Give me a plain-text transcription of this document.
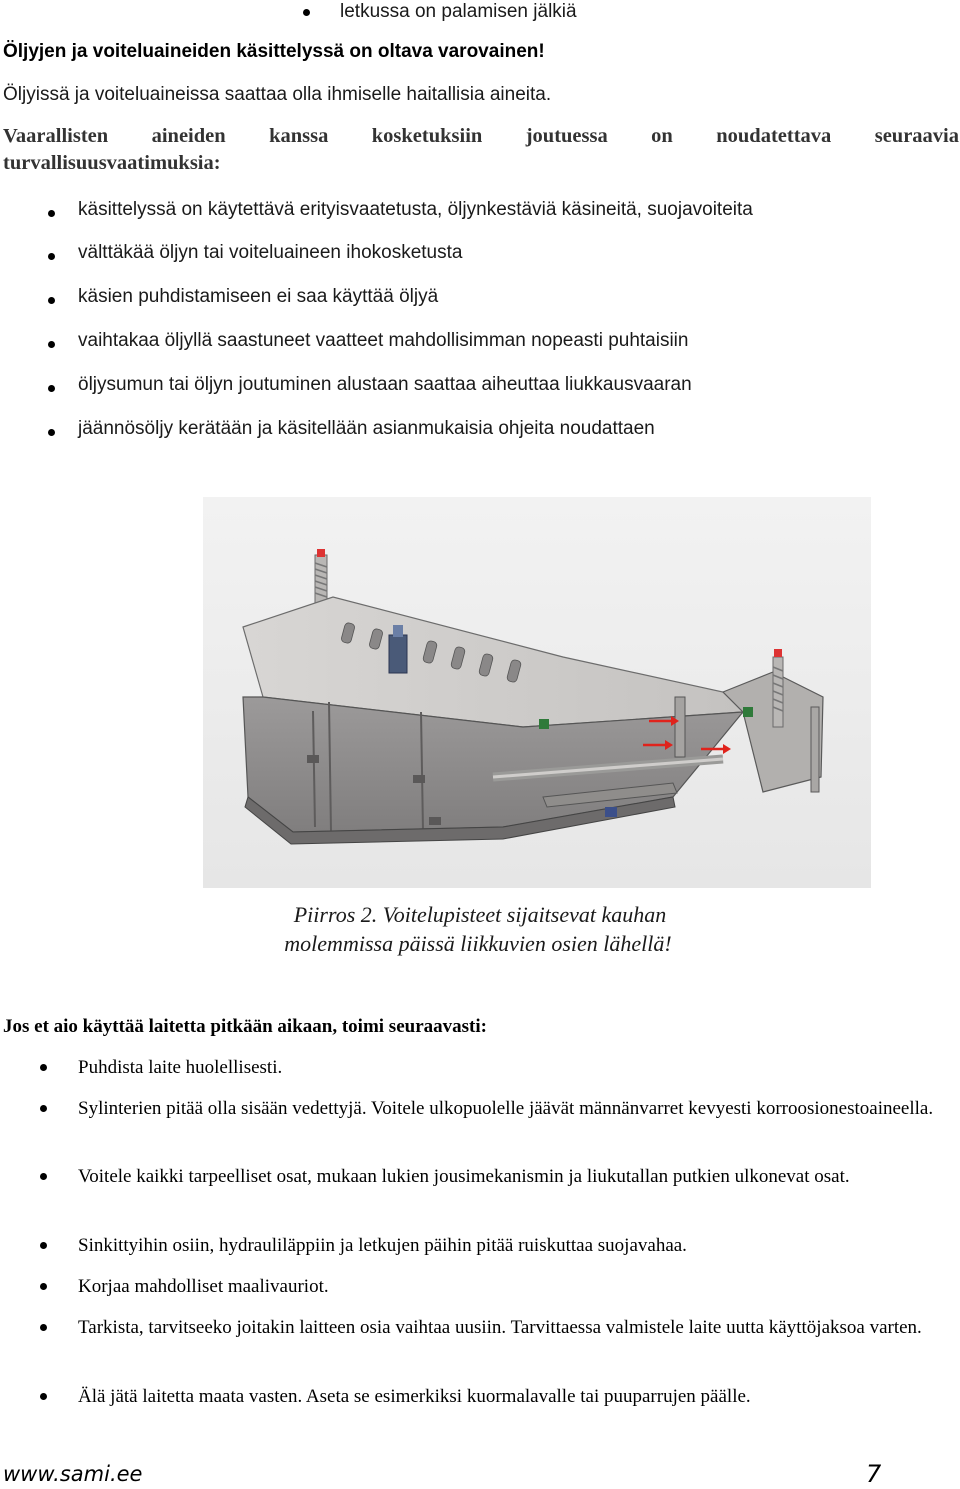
letkussa on palamisen jälkiä
Öljyjen ja voiteluaineiden käsittelyssä on oltava varovainen!
Öljyissä ja voiteluaineissa saattaa olla ihmiselle haitallisia aineita.
Vaarallisten aineiden kanssa kosketuksiin joutuessa on noudatettava seuraavia
turvallisuusvaatimuksia:
käsittelyssä on käytettävä erityisvaatetusta, öljynkestäviä käsineitä, suojavoiteita
välttäkää öljyn tai voiteluaineen ihokosketusta
käsien puhdistamiseen ei saa käyttää öljyä
vaihtakaa öljyllä saastuneet vaatteet mahdollisimman nopeasti puhtaisiin
öljysumun tai öljyn joutuminen alustaan saattaa aiheuttaa liukkausvaaran
jäännösöljy kerätään ja käsitellään asianmukaisia ohjeita noudattaen
Piirros 2. Voitelupisteet sijaitsevat kauhan
molemmissa päissä liikkuvien osien lähellä!
Jos et aio käyttää laitetta pitkään aikaan, toimi seuraavasti:
Puhdista laite huolellisesti.
Sylinterien pitää olla sisään vedettyjä. Voitele ulkopuolelle jäävät männänvarret kevyesti korroosionestoaineella.
Voitele kaikki tarpeelliset osat, mukaan lukien jousimekanismin ja liukutallan putkien ulkonevat osat.
Sinkittyihin osiin, hydrauliläppiin ja letkujen päihin pitää ruiskuttaa suojavahaa.
Korjaa mahdolliset maalivauriot.
Tarkista, tarvitseeko joitakin laitteen osia vaihtaa uusiin. Tarvittaessa valmistele laite uutta käyttöjaksoa varten.
Älä jätä laitetta maata vasten. Aseta se esimerkiksi kuormalavalle tai puuparrujen päälle.
www.sami.ee	7
